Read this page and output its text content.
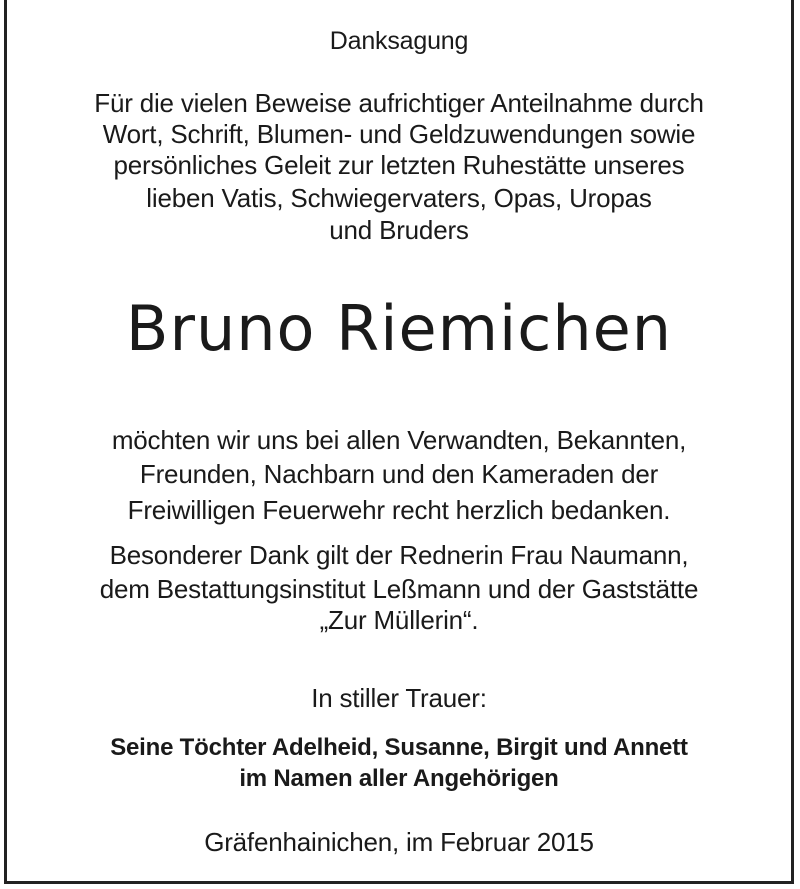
Danksagung
Für die vielen Beweise aufrichtiger Anteilnahme durch
Wort, Schrift, Blumen- und Geldzuwendungen sowie
persönliches Geleit zur letzten Ruhestätte unseres
lieben Vatis, Schwiegervaters, Opas, Uropas
und Bruders
Bruno Riemichen
möchten wir uns bei allen Verwandten, Bekannten,
Freunden, Nachbarn und den Kameraden der
Freiwilligen Feuerwehr recht herzlich bedanken.
Besonderer Dank gilt der Rednerin Frau Naumann,
dem Bestattungsinstitut Leßmann und der Gaststätte
„Zur Müllerin“.
In stiller Trauer:
Seine Töchter Adelheid, Susanne, Birgit und Annett
im Namen aller Angehörigen
Gräfenhainichen, im Februar 2015
